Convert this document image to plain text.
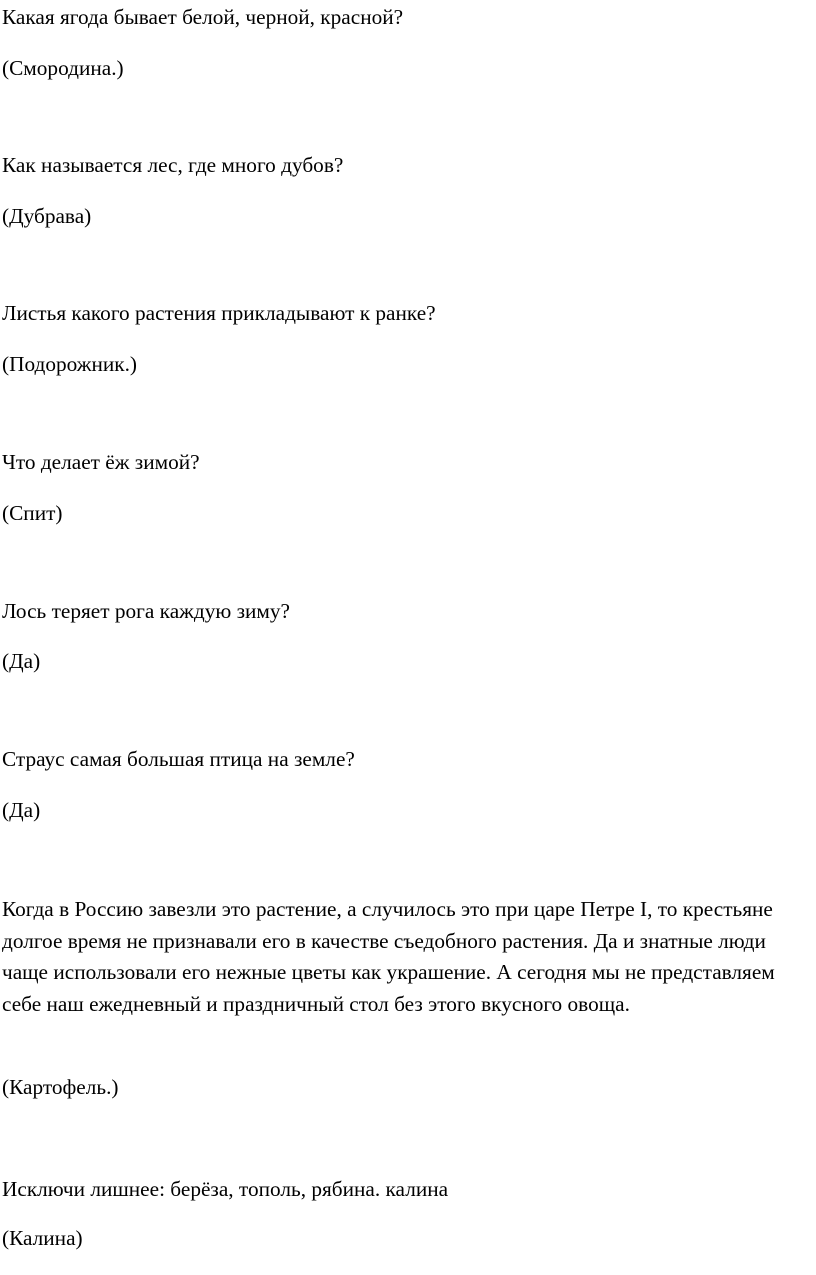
Какая ягода бывает белой, черной, красной?
(Смородина.)
Как называется лес, где много дубов?
(Дубрава)
Листья какого растения прикладывают к ранке?
(Подорожник.)
Что делает ёж зимой?
(Спит)
Лось теряет рога каждую зиму?
(Да)
Страус самая большая птица на земле?
(Да)
Когда в Россию завезли это растение, а случилось это при царе Петре I, то крестьяне долгое время не признавали его в качестве съедобного растения. Да и знатные люди чаще использовали его нежные цветы как украшение. А сегодня мы не представляем себе наш ежедневный и праздничный стол без этого вкусного овоща.
(Картофель.)
Исключи лишнее: берёза, тополь, рябина. калина
(Калина)
